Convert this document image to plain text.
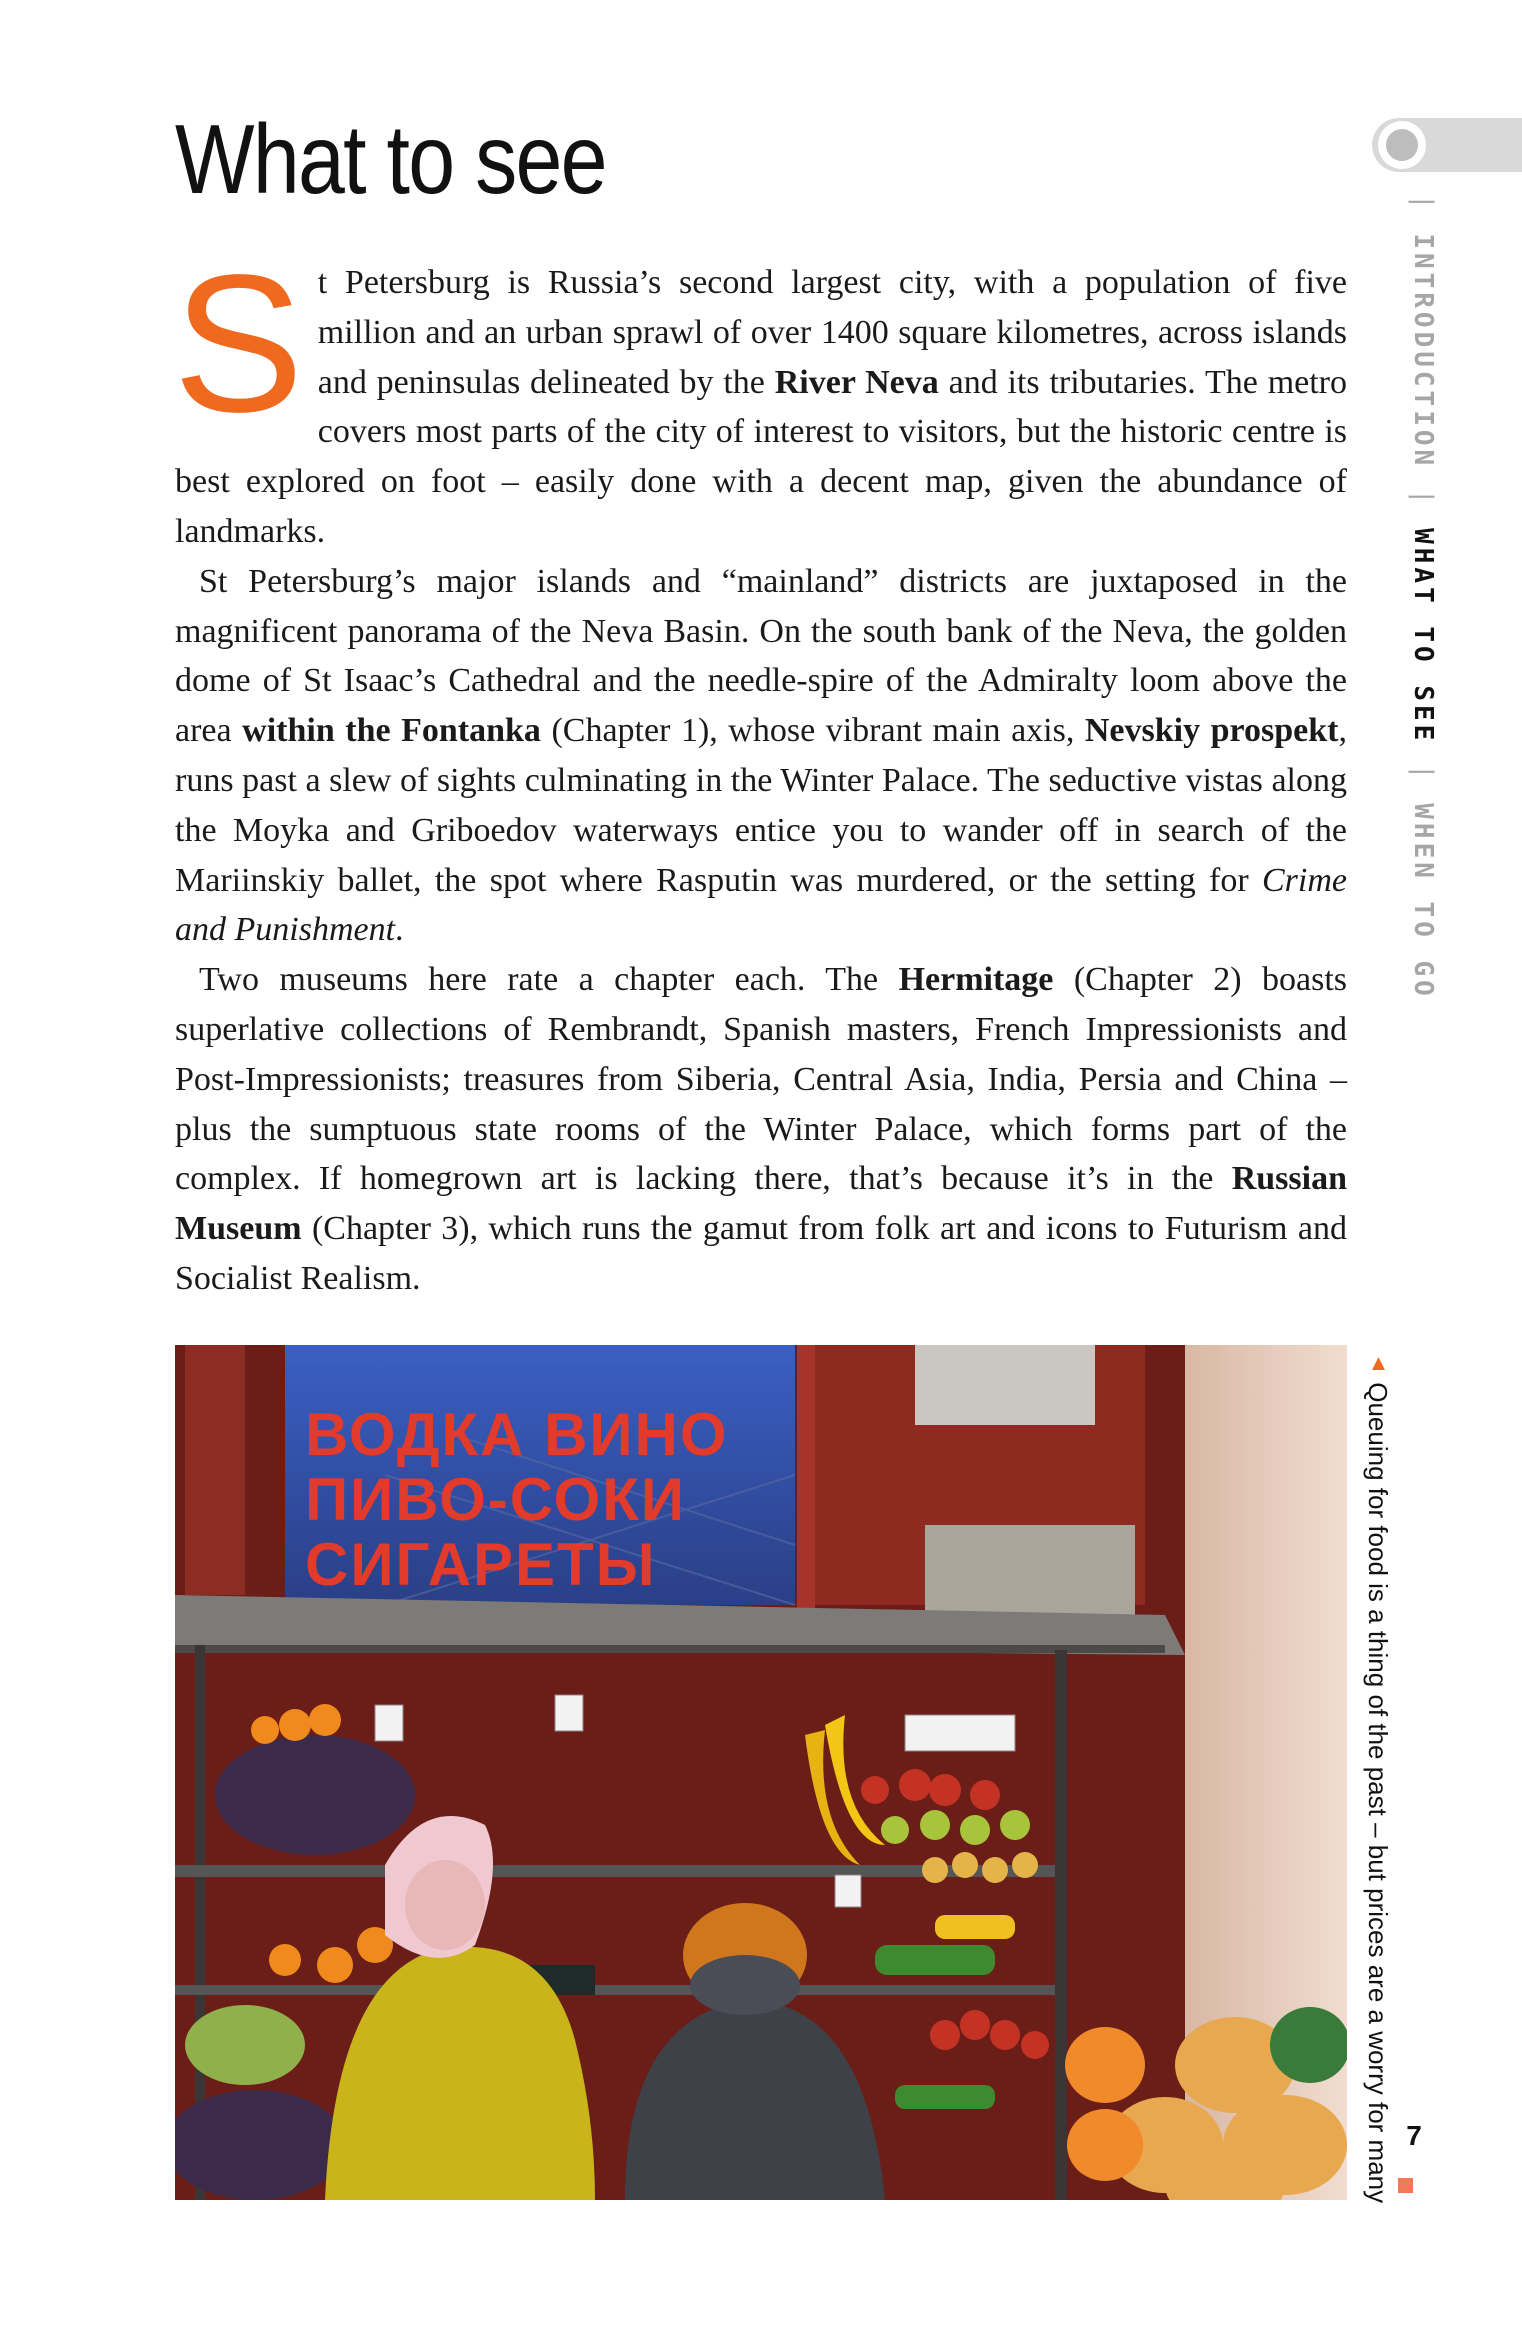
What to see	| INTRODUCTION | WHAT TO SEE | WHEN TO GO

S t Petersburg is Russia’s second largest city, with a population of five million and an urban sprawl of over 1400 square kilometres, across islands and peninsulas delineated by the River Neva and its tributaries. The metro covers most parts of the city of interest to visitors, but the historic centre is best explored on foot – easily done with a decent map, given the abundance of landmarks.

St Petersburg’s major islands and “mainland” districts are juxtaposed in the magnificent panorama of the Neva Basin. On the south bank of the Neva, the golden dome of St Isaac’s Cathedral and the needle-spire of the Admiralty loom above the area within the Fontanka (Chapter 1), whose vibrant main axis, Nevskiy prospekt, runs past a slew of sights culminating in the Winter Palace. The seductive vistas along the Moyka and Griboedov waterways entice you to wander off in search of the Mariinskiy ballet, the spot where Rasputin was murdered, or the setting for Crime and Punishment.

Two museums here rate a chapter each. The Hermitage (Chapter 2) boasts superlative collections of Rembrandt, Spanish masters, French Impressionists and Post-Impressionists; treasures from Siberia, Central Asia, India, Persia and China – plus the sumptuous state rooms of the Winter Palace, which forms part of the complex. If homegrown art is lacking there, that’s because it’s in the Russian Museum (Chapter 3), which runs the gamut from folk art and icons to Futurism and Socialist Realism.

ВОДКА ВИНО
ПИВО-СОКИ
СИГАРЕТЫ
▲ Queuing for food is a thing of the past – but prices are a worry for many 7
